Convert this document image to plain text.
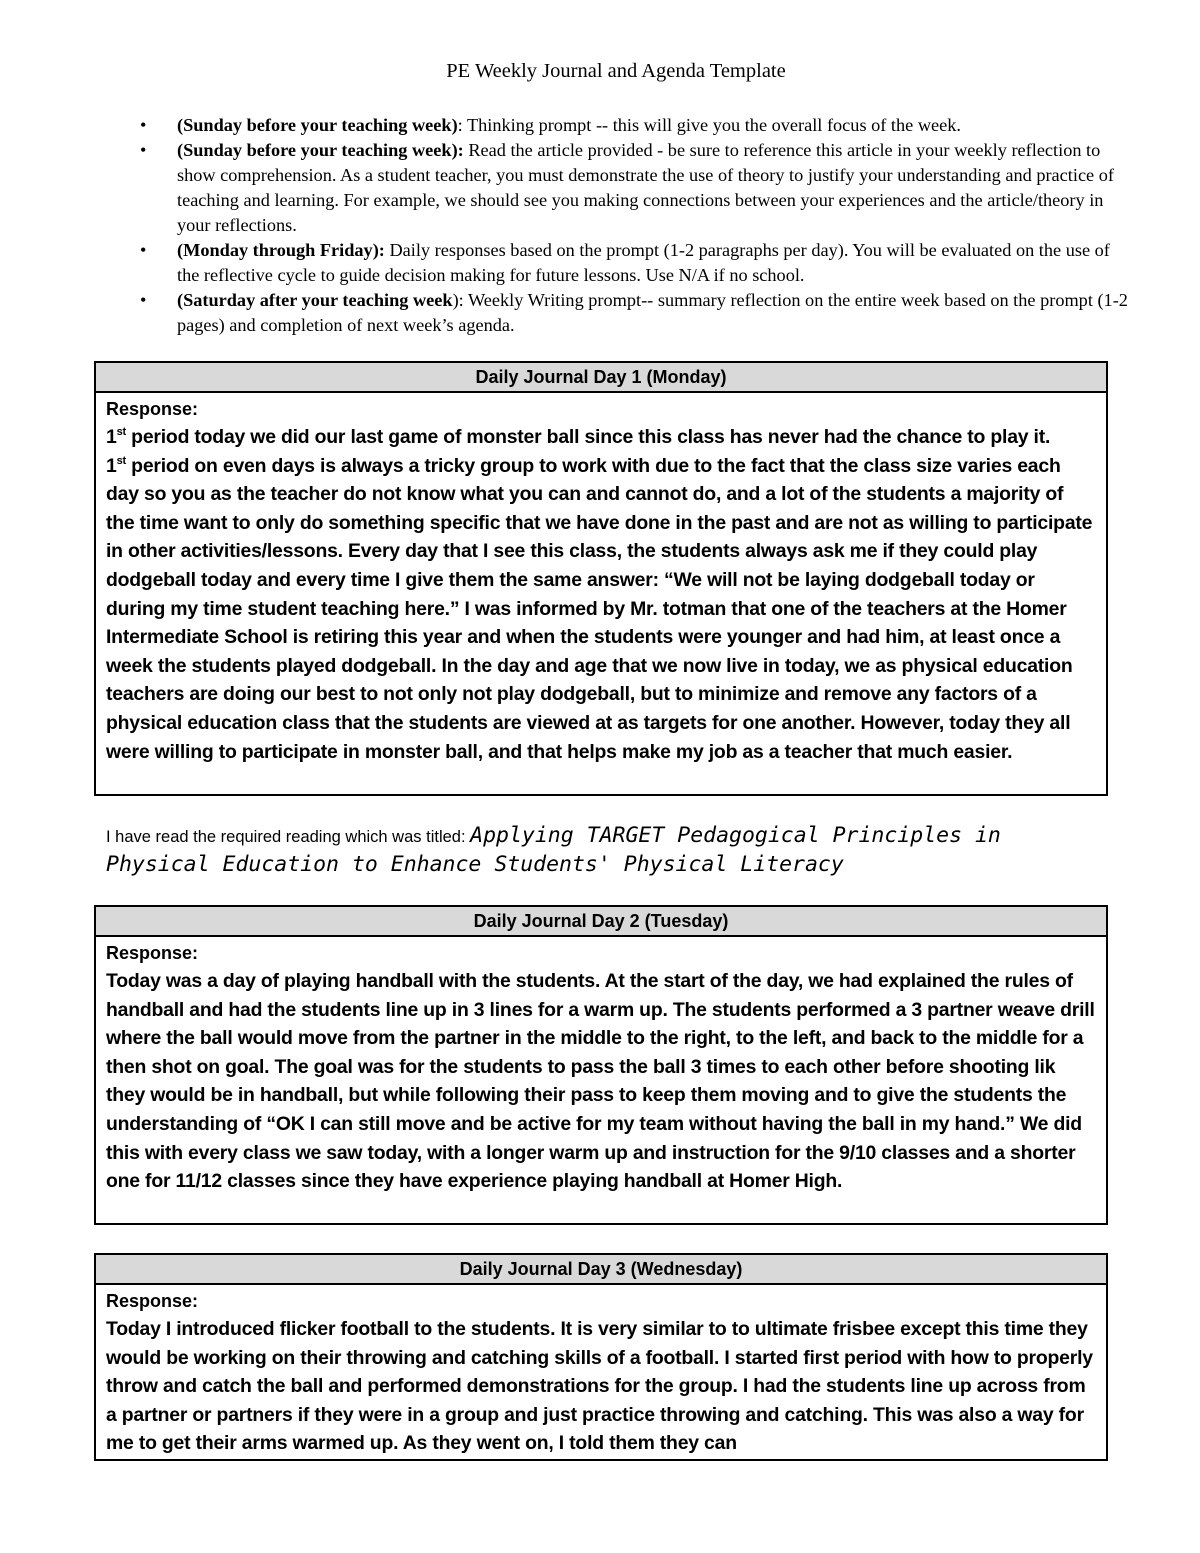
PE Weekly Journal and Agenda Template
• (Sunday before your teaching week): Thinking prompt -- this will give you the overall focus of the week.
• (Sunday before your teaching week): Read the article provided - be sure to reference this article in your weekly reflection to show comprehension. As a student teacher, you must demonstrate the use of theory to justify your understanding and practice of teaching and learning. For example, we should see you making connections between your experiences and the article/theory in your reflections.
• (Monday through Friday): Daily responses based on the prompt (1-2 paragraphs per day). You will be evaluated on the use of the reflective cycle to guide decision making for future lessons. Use N/A if no school.
• (Saturday after your teaching week): Weekly Writing prompt-- summary reflection on the entire week based on the prompt (1-2 pages) and completion of next week’s agenda.
Daily Journal Day 1 (Monday)
Response:
1st period today we did our last game of monster ball since this class has never had the chance to play it.
1st period on even days is always a tricky group to work with due to the fact that the class size varies each day so you as the teacher do not know what you can and cannot do, and a lot of the students a majority of the time want to only do something specific that we have done in the past and are not as willing to participate in other activities/lessons. Every day that I see this class, the students always ask me if they could play dodgeball today and every time I give them the same answer: “We will not be laying dodgeball today or during my time student teaching here.” I was informed by Mr. totman that one of the teachers at the Homer Intermediate School is retiring this year and when the students were younger and had him, at least once a week the students played dodgeball. In the day and age that we now live in today, we as physical education teachers are doing our best to not only not play dodgeball, but to minimize and remove any factors of a physical education class that the students are viewed at as targets for one another. However, today they all were willing to participate in monster ball, and that helps make my job as a teacher that much easier.
I have read the required reading which was titled: Applying TARGET Pedagogical Principles in Physical Education to Enhance Students' Physical Literacy
Daily Journal Day 2 (Tuesday)
Response:
Today was a day of playing handball with the students. At the start of the day, we had explained the rules of handball and had the students line up in 3 lines for a warm up. The students performed a 3 partner weave drill where the ball would move from the partner in the middle to the right, to the left, and back to the middle for a then shot on goal. The goal was for the students to pass the ball 3 times to each other before shooting lik they would be in handball, but while following their pass to keep them moving and to give the students the understanding of “OK I can still move and be active for my team without having the ball in my hand.” We did this with every class we saw today, with a longer warm up and instruction for the 9/10 classes and a shorter one for 11/12 classes since they have experience playing handball at Homer High.
Daily Journal Day 3 (Wednesday)
Response:
Today I introduced flicker football to the students. It is very similar to to ultimate frisbee except this time they would be working on their throwing and catching skills of a football. I started first period with how to properly throw and catch the ball and performed demonstrations for the group. I had the students line up across from a partner or partners if they were in a group and just practice throwing and catching. This was also a way for me to get their arms warmed up. As they went on, I told them they can
